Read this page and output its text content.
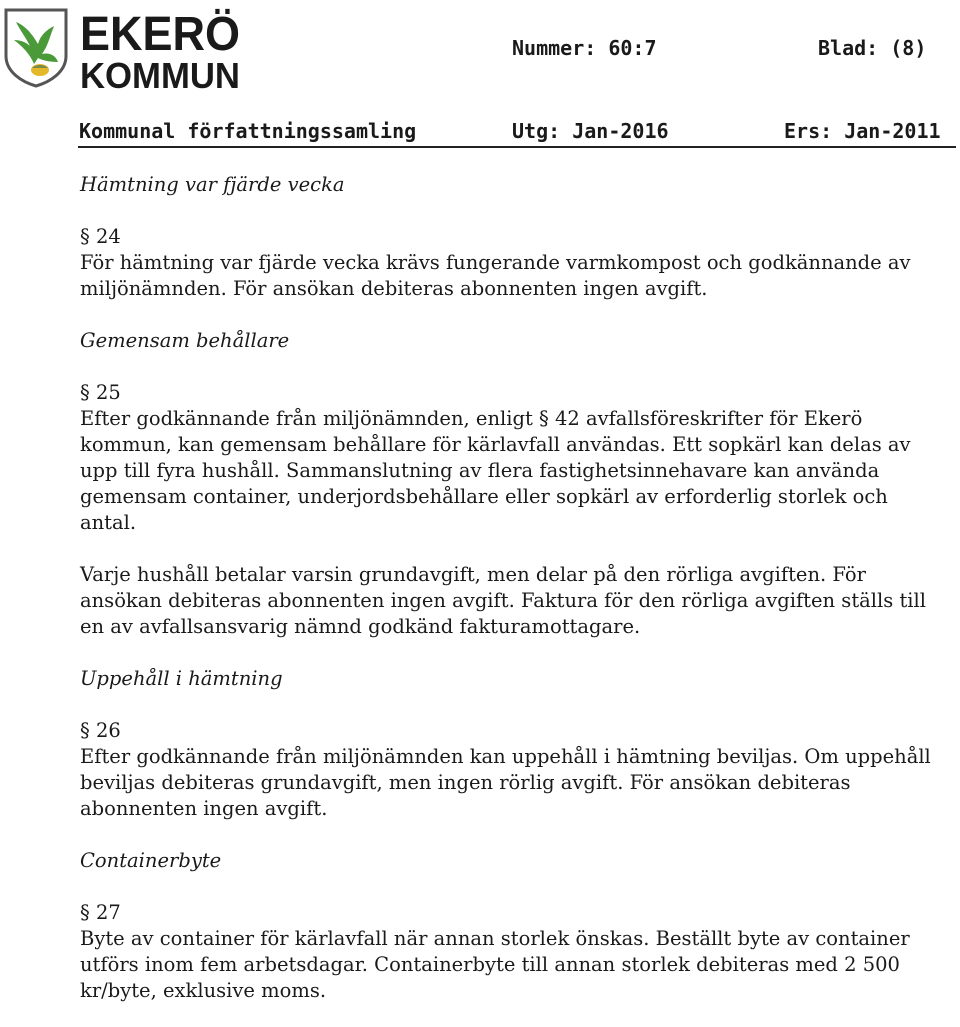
EKERÖ
KOMMUN
Nummer: 60:7	Blad: (8)
Kommunal författningssamling	Utg: Jan-2016	Ers: Jan-2011
Hämtning var fjärde vecka
§ 24
För hämtning var fjärde vecka krävs fungerande varmkompost och godkännande av miljönämnden. För ansökan debiteras abonnenten ingen avgift.
Gemensam behållare
§ 25
Efter godkännande från miljönämnden, enligt § 42 avfallsföreskrifter för Ekerö kommun, kan gemensam behållare för kärlavfall användas. Ett sopkärl kan delas av upp till fyra hushåll. Sammanslutning av flera fastighetsinnehavare kan använda gemensam container, underjordsbehållare eller sopkärl av erforderlig storlek och antal.
Varje hushåll betalar varsin grundavgift, men delar på den rörliga avgiften. För ansökan debiteras abonnenten ingen avgift. Faktura för den rörliga avgiften ställs till en av avfallsansvarig nämnd godkänd fakturamottagare.
Uppehåll i hämtning
§ 26
Efter godkännande från miljönämnden kan uppehåll i hämtning beviljas. Om uppehåll beviljas debiteras grundavgift, men ingen rörlig avgift. För ansökan debiteras abonnenten ingen avgift.
Containerbyte
§ 27
Byte av container för kärlavfall när annan storlek önskas. Beställt byte av container utförs inom fem arbetsdagar. Containerbyte till annan storlek debiteras med 2 500 kr/byte, exklusive moms.
